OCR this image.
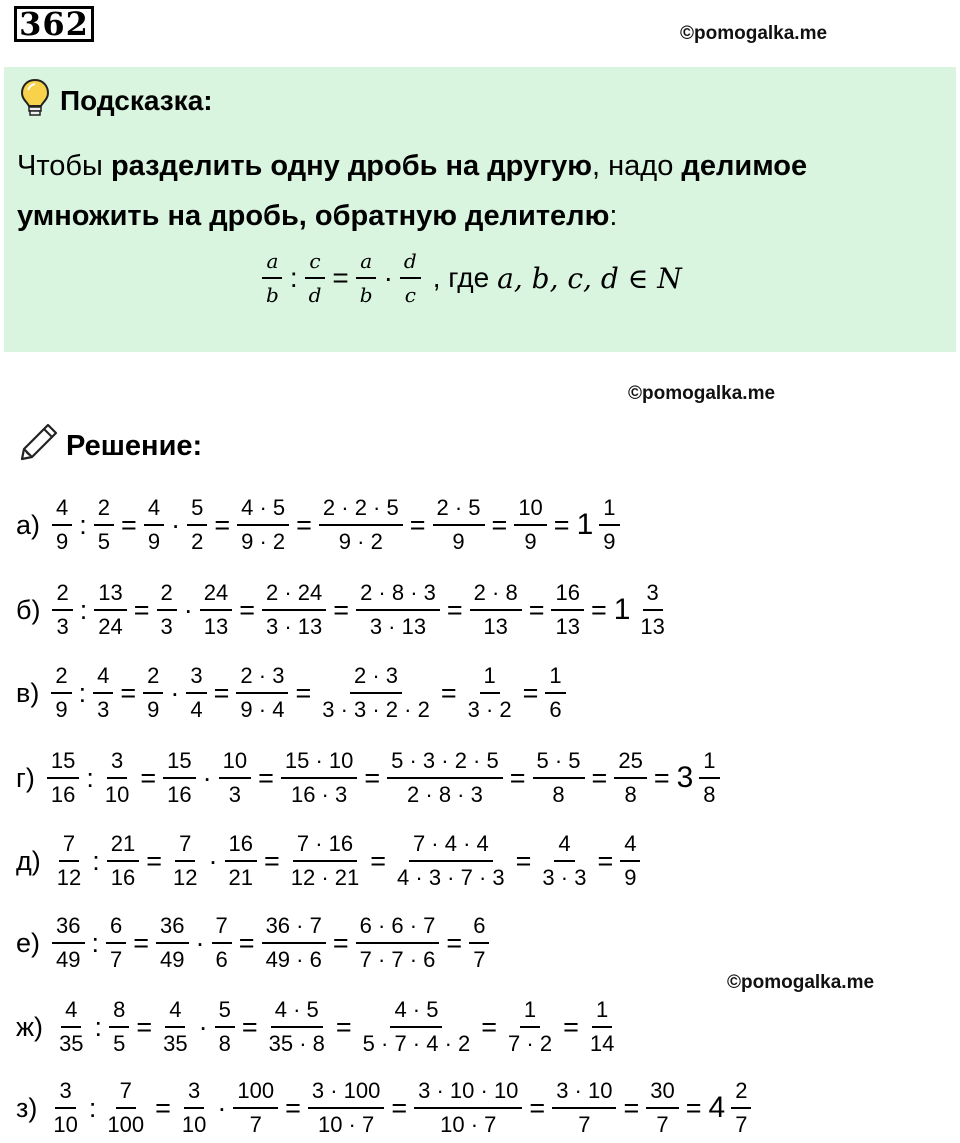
362	©pomogalka.me
Подсказка:
Чтобы разделить одну дробь на другую, надо делимое умножить на дробь, обратную делителю:
$\frac{a}{b}$ : $\frac{c}{d} = \frac{a}{b} \cdot \frac{d}{c}$ , где a, b, c, d ∈ N
©pomogalka.me
Решение:
$а) \frac{4}{9}$ : $\frac{2}{5} = \frac{4}{9} \cdot \frac{5}{2} = \frac{4 \cdot 5}{9 \cdot 2} = \frac{2 \cdot 2 \cdot 5}{9 \cdot 2} = \frac{2 \cdot 5}{9} = \frac{10}{9} = 1 \frac{1}{9}$
$б) \frac{2}{3}$ : $\frac{13}{24} = \frac{2}{3} \cdot \frac{24}{13} = \frac{2 \cdot 24}{3 \cdot 13} = \frac{2 \cdot 8 \cdot 3}{3 \cdot 13} = \frac{2 \cdot 8}{13} = \frac{16}{13} = 1 \frac{3}{13}$
$в) \frac{2}{9}$ : $\frac{4}{3} = \frac{2}{9} \cdot \frac{3}{4} = \frac{2 \cdot 3}{9 \cdot 4} = \frac{2 \cdot 3}{3 \cdot 3 \cdot 2 \cdot 2} = \frac{1}{3 \cdot 2} = \frac{1}{6}$
$г) \frac{15}{16}$ : $\frac{3}{10} = \frac{15}{16} \cdot \frac{10}{3} = \frac{15 \cdot 10}{16 \cdot 3} = \frac{5 \cdot 3 \cdot 2 \cdot 5}{2 \cdot 8 \cdot 3} = \frac{5 \cdot 5}{8} = \frac{25}{8} = 3 \frac{1}{8}$
$д) \frac{7}{12}$ : $\frac{21}{16} = \frac{7}{12} \cdot \frac{16}{21} = \frac{7 \cdot 16}{12 \cdot 21} = \frac{7 \cdot 4 \cdot 4}{4 \cdot 3 \cdot 7 \cdot 3} = \frac{4}{3 \cdot 3} = \frac{4}{9}$
$е) \frac{36}{49}$ : $\frac{6}{7} = \frac{36}{49} \cdot \frac{7}{6} = \frac{36 \cdot 7}{49 \cdot 6} = \frac{6 \cdot 6 \cdot 7}{7 \cdot 7 \cdot 6} = \frac{6}{7}$
$ж) \frac{4}{35}$ : $\frac{8}{5} = \frac{4}{35} \cdot \frac{5}{8} = \frac{4 \cdot 5}{35 \cdot 8} = \frac{4 \cdot 5}{5 \cdot 7 \cdot 4 \cdot 2} = \frac{1}{7 \cdot 2} = \frac{1}{14}$
$з) \frac{3}{10}$ : $\frac{7}{100} = \frac{3}{10} \cdot \frac{100}{7} = \frac{3 \cdot 100}{10 \cdot 7} = \frac{3 \cdot 10 \cdot 10}{10 \cdot 7} = \frac{3 \cdot 10}{7} = \frac{30}{7} = 4 \frac{2}{7}$
©pomogalka.me
